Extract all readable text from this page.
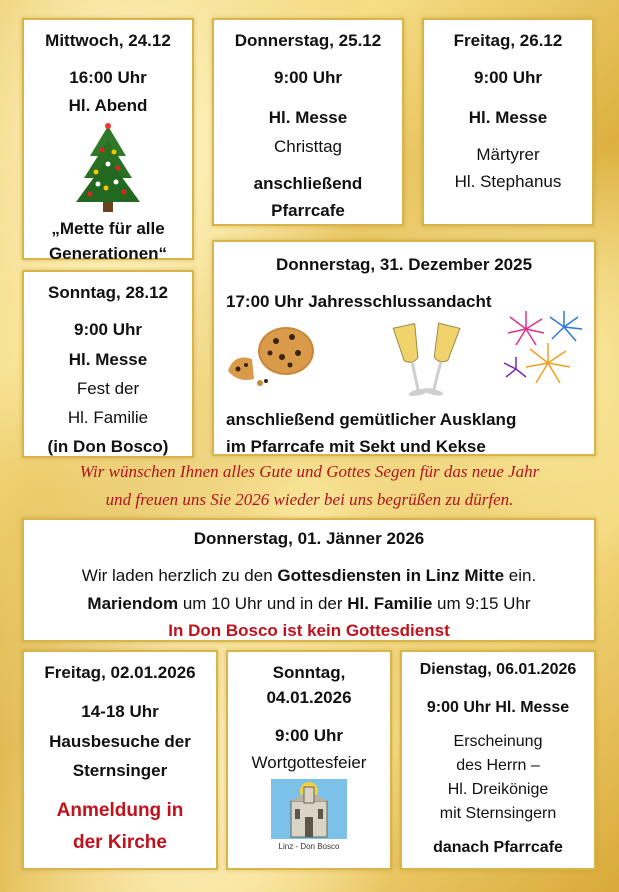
Mittwoch, 24.12
16:00 Uhr
Hl. Abend
„Mette für alle
Generationen“
Donnerstag, 25.12
9:00 Uhr
Hl. Messe
Christtag
anschließend
Pfarrcafe
Freitag, 26.12
9:00 Uhr
Hl. Messe
Märtyrer
Hl. Stephanus
Sonntag, 28.12
9:00 Uhr
Hl. Messe
Fest der
Hl. Familie
(in Don Bosco)
Donnerstag, 31. Dezember 2025
17:00 Uhr Jahresschlussandacht
anschließend gemütlicher Ausklang
im Pfarrcafe mit Sekt und Kekse
Wir wünschen Ihnen alles Gute und Gottes Segen für das neue Jahr
und freuen uns Sie 2026 wieder bei uns begrüßen zu dürfen.
Donnerstag, 01. Jänner 2026
Wir laden herzlich zu den Gottesdiensten in Linz Mitte ein.
Mariendom um 10 Uhr und in der Hl. Familie um 9:15 Uhr
In Don Bosco ist kein Gottesdienst
Freitag, 02.01.2026
14-18 Uhr
Hausbesuche der
Sternsinger
Anmeldung in
der Kirche
Sonntag,
04.01.2026
9:00 Uhr
Wortgottesfeier
Linz - Don Bosco
Dienstag, 06.01.2026
9:00 Uhr Hl. Messe
Erscheinung
des Herrn –
Hl. Dreikönige
mit Sternsingern
danach Pfarrcafe
